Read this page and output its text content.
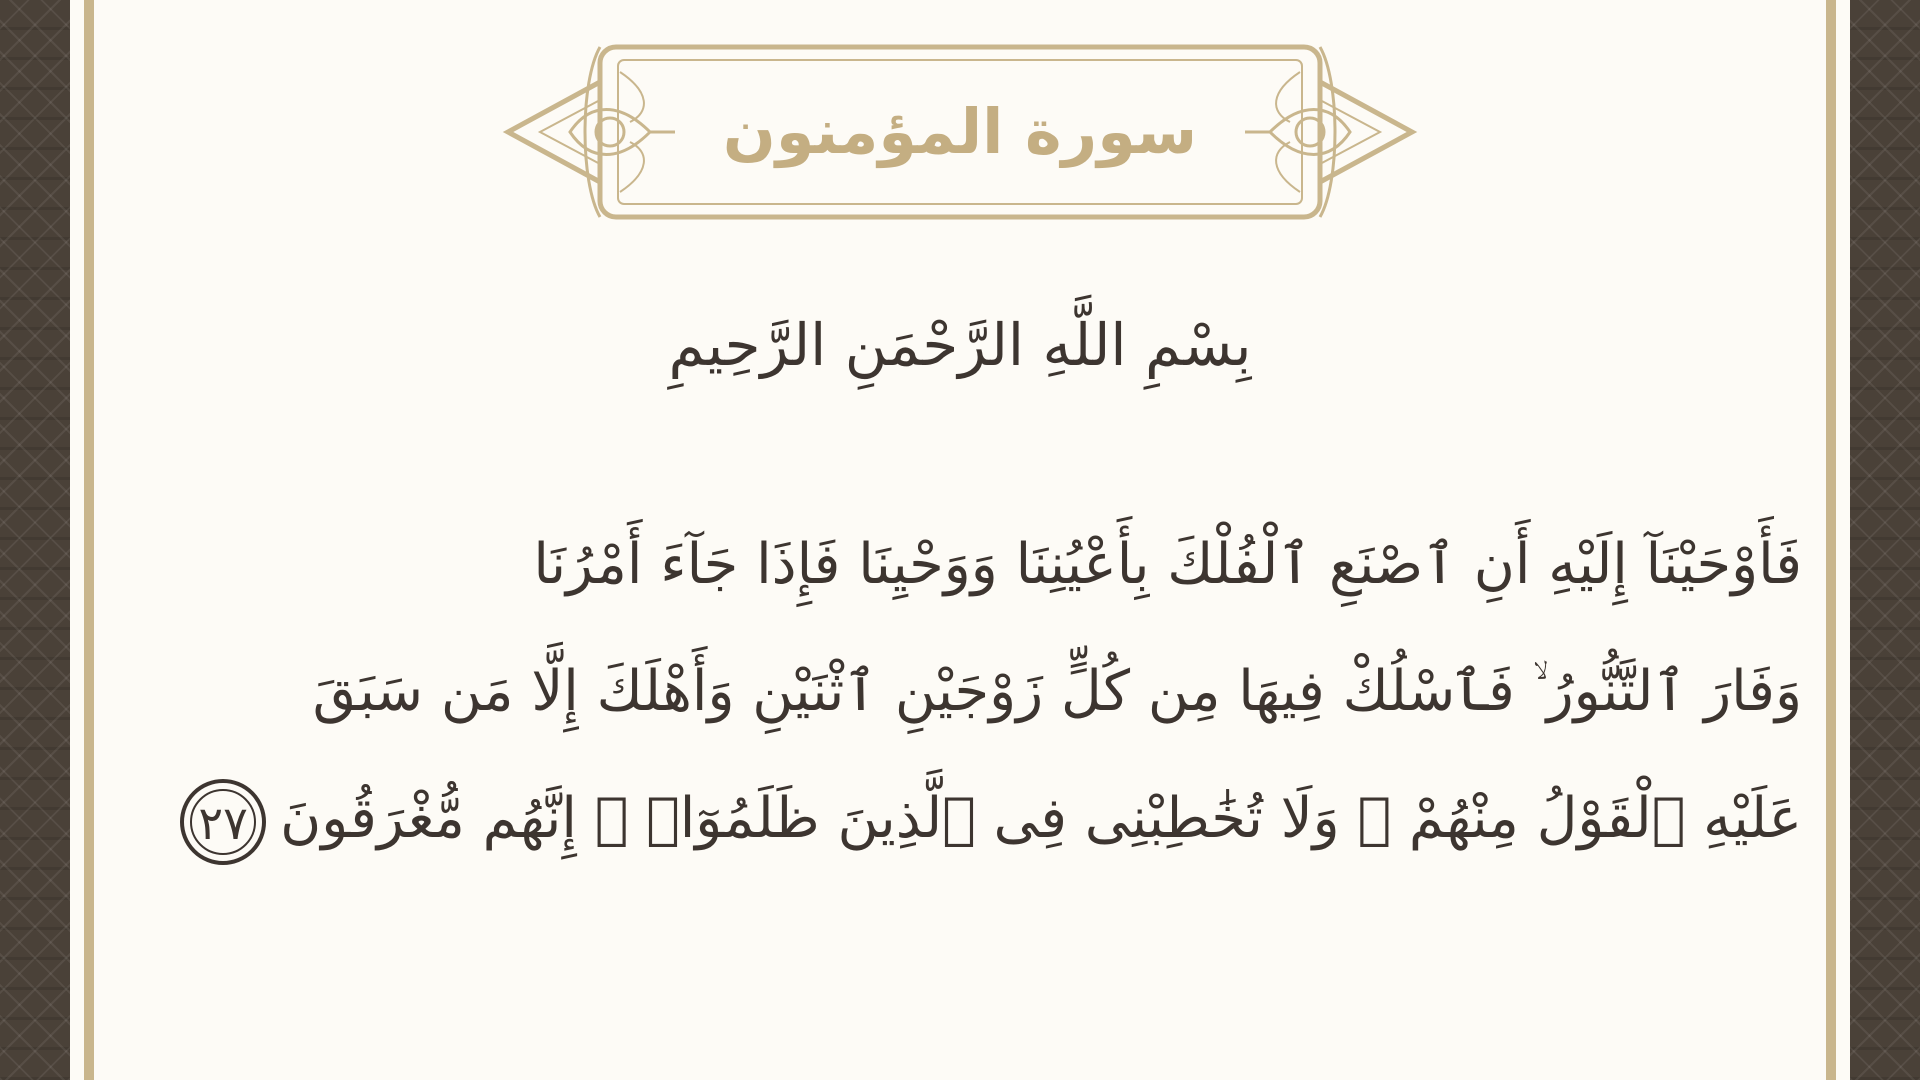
سورة المؤمنون
بِسْمِ اللَّهِ الرَّحْمَنِ الرَّحِيمِ
فَأَوْحَيْنَآ إِلَيْهِ أَنِ ٱصْنَعِ ٱلْفُلْكَ بِأَعْيُنِنَا وَوَحْيِنَا فَإِذَا جَآءَ أَمْرُنَا
وَفَارَ ٱلتَّنُّورُ ۙ فَٱسْلُكْ فِيهَا مِن كُلٍّ زَوْجَيْنِ ٱثْنَيْنِ وَأَهْلَكَ إِلَّا مَن سَبَقَ
عَلَيْهِ ٱلْقَوْلُ مِنْهُمْ ۖ وَلَا تُخَٰطِبْنِى فِى ٱلَّذِينَ ظَلَمُوٓا۟ ۖ إِنَّهُم مُّغْرَقُونَ٢٧
